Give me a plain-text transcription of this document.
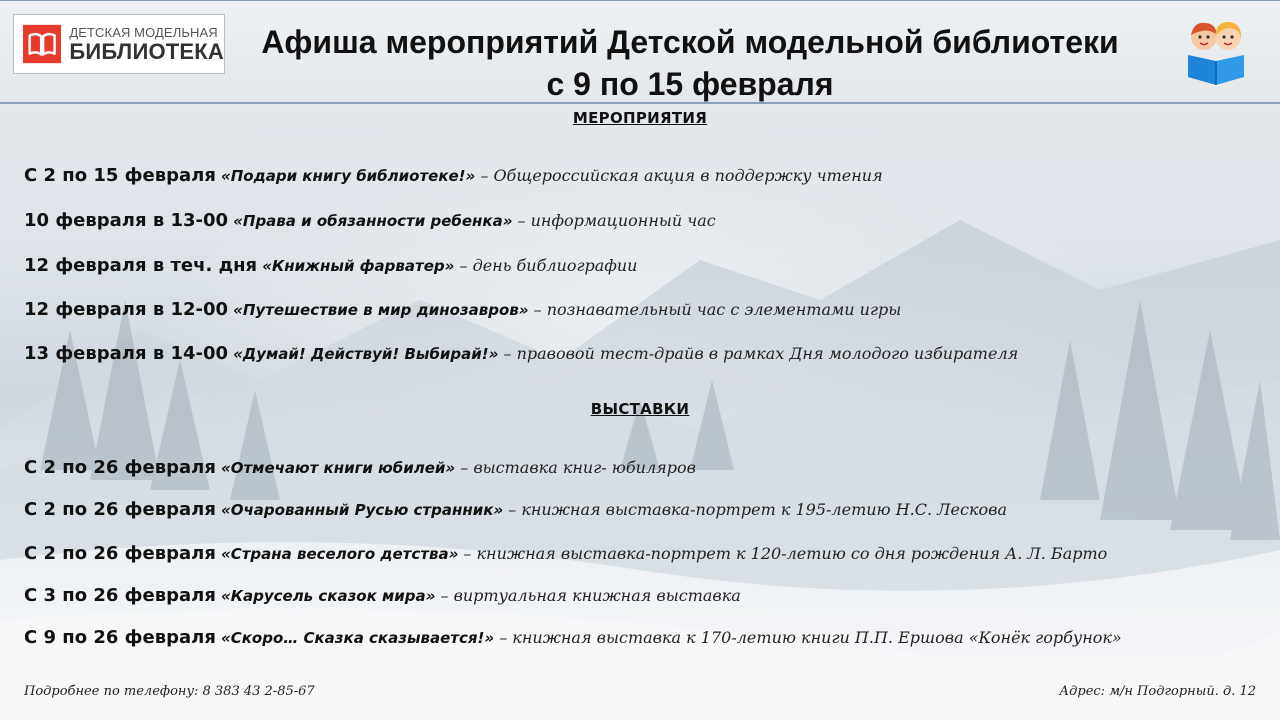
ДЕТСКАЯ МОДЕЛЬНАЯ
БИБЛИОТЕКА	Афиша мероприятий Детской модельной библиотеки
с 9 по 15 февраля
МЕРОПРИЯТИЯ
С 2 по 15 февраля «Подари книгу библиотеке!» – Общероссийская акция в поддержку чтения
10 февраля в 13-00 «Права и обязанности ребенка» – информационный час
12 февраля в теч. дня «Книжный фарватер» – день библиографии
12 февраля в 12-00 «Путешествие в мир динозавров» – познавательный час с элементами игры
13 февраля в 14-00 «Думай! Действуй! Выбирай!» – правовой тест-драйв в рамках Дня молодого избирателя
ВЫСТАВКИ
С 2 по 26 февраля «Отмечают книги юбилей» – выставка книг- юбиляров
С 2 по 26 февраля «Очарованный Русью странник» – книжная выставка-портрет к 195-летию Н.С. Лескова
С 2 по 26 февраля «Страна веселого детства» – книжная выставка-портрет к 120-летию со дня рождения А. Л. Барто
С 3 по 26 февраля «Карусель сказок мира» – виртуальная книжная выставка
С 9 по 26 февраля «Скоро… Сказка сказывается!» – книжная выставка к 170-летию книги П.П. Ершова «Конёк горбунок»
Подробнее по телефону: 8 383 43 2-85-67	Адрес: м/н Подгорный. д. 12
